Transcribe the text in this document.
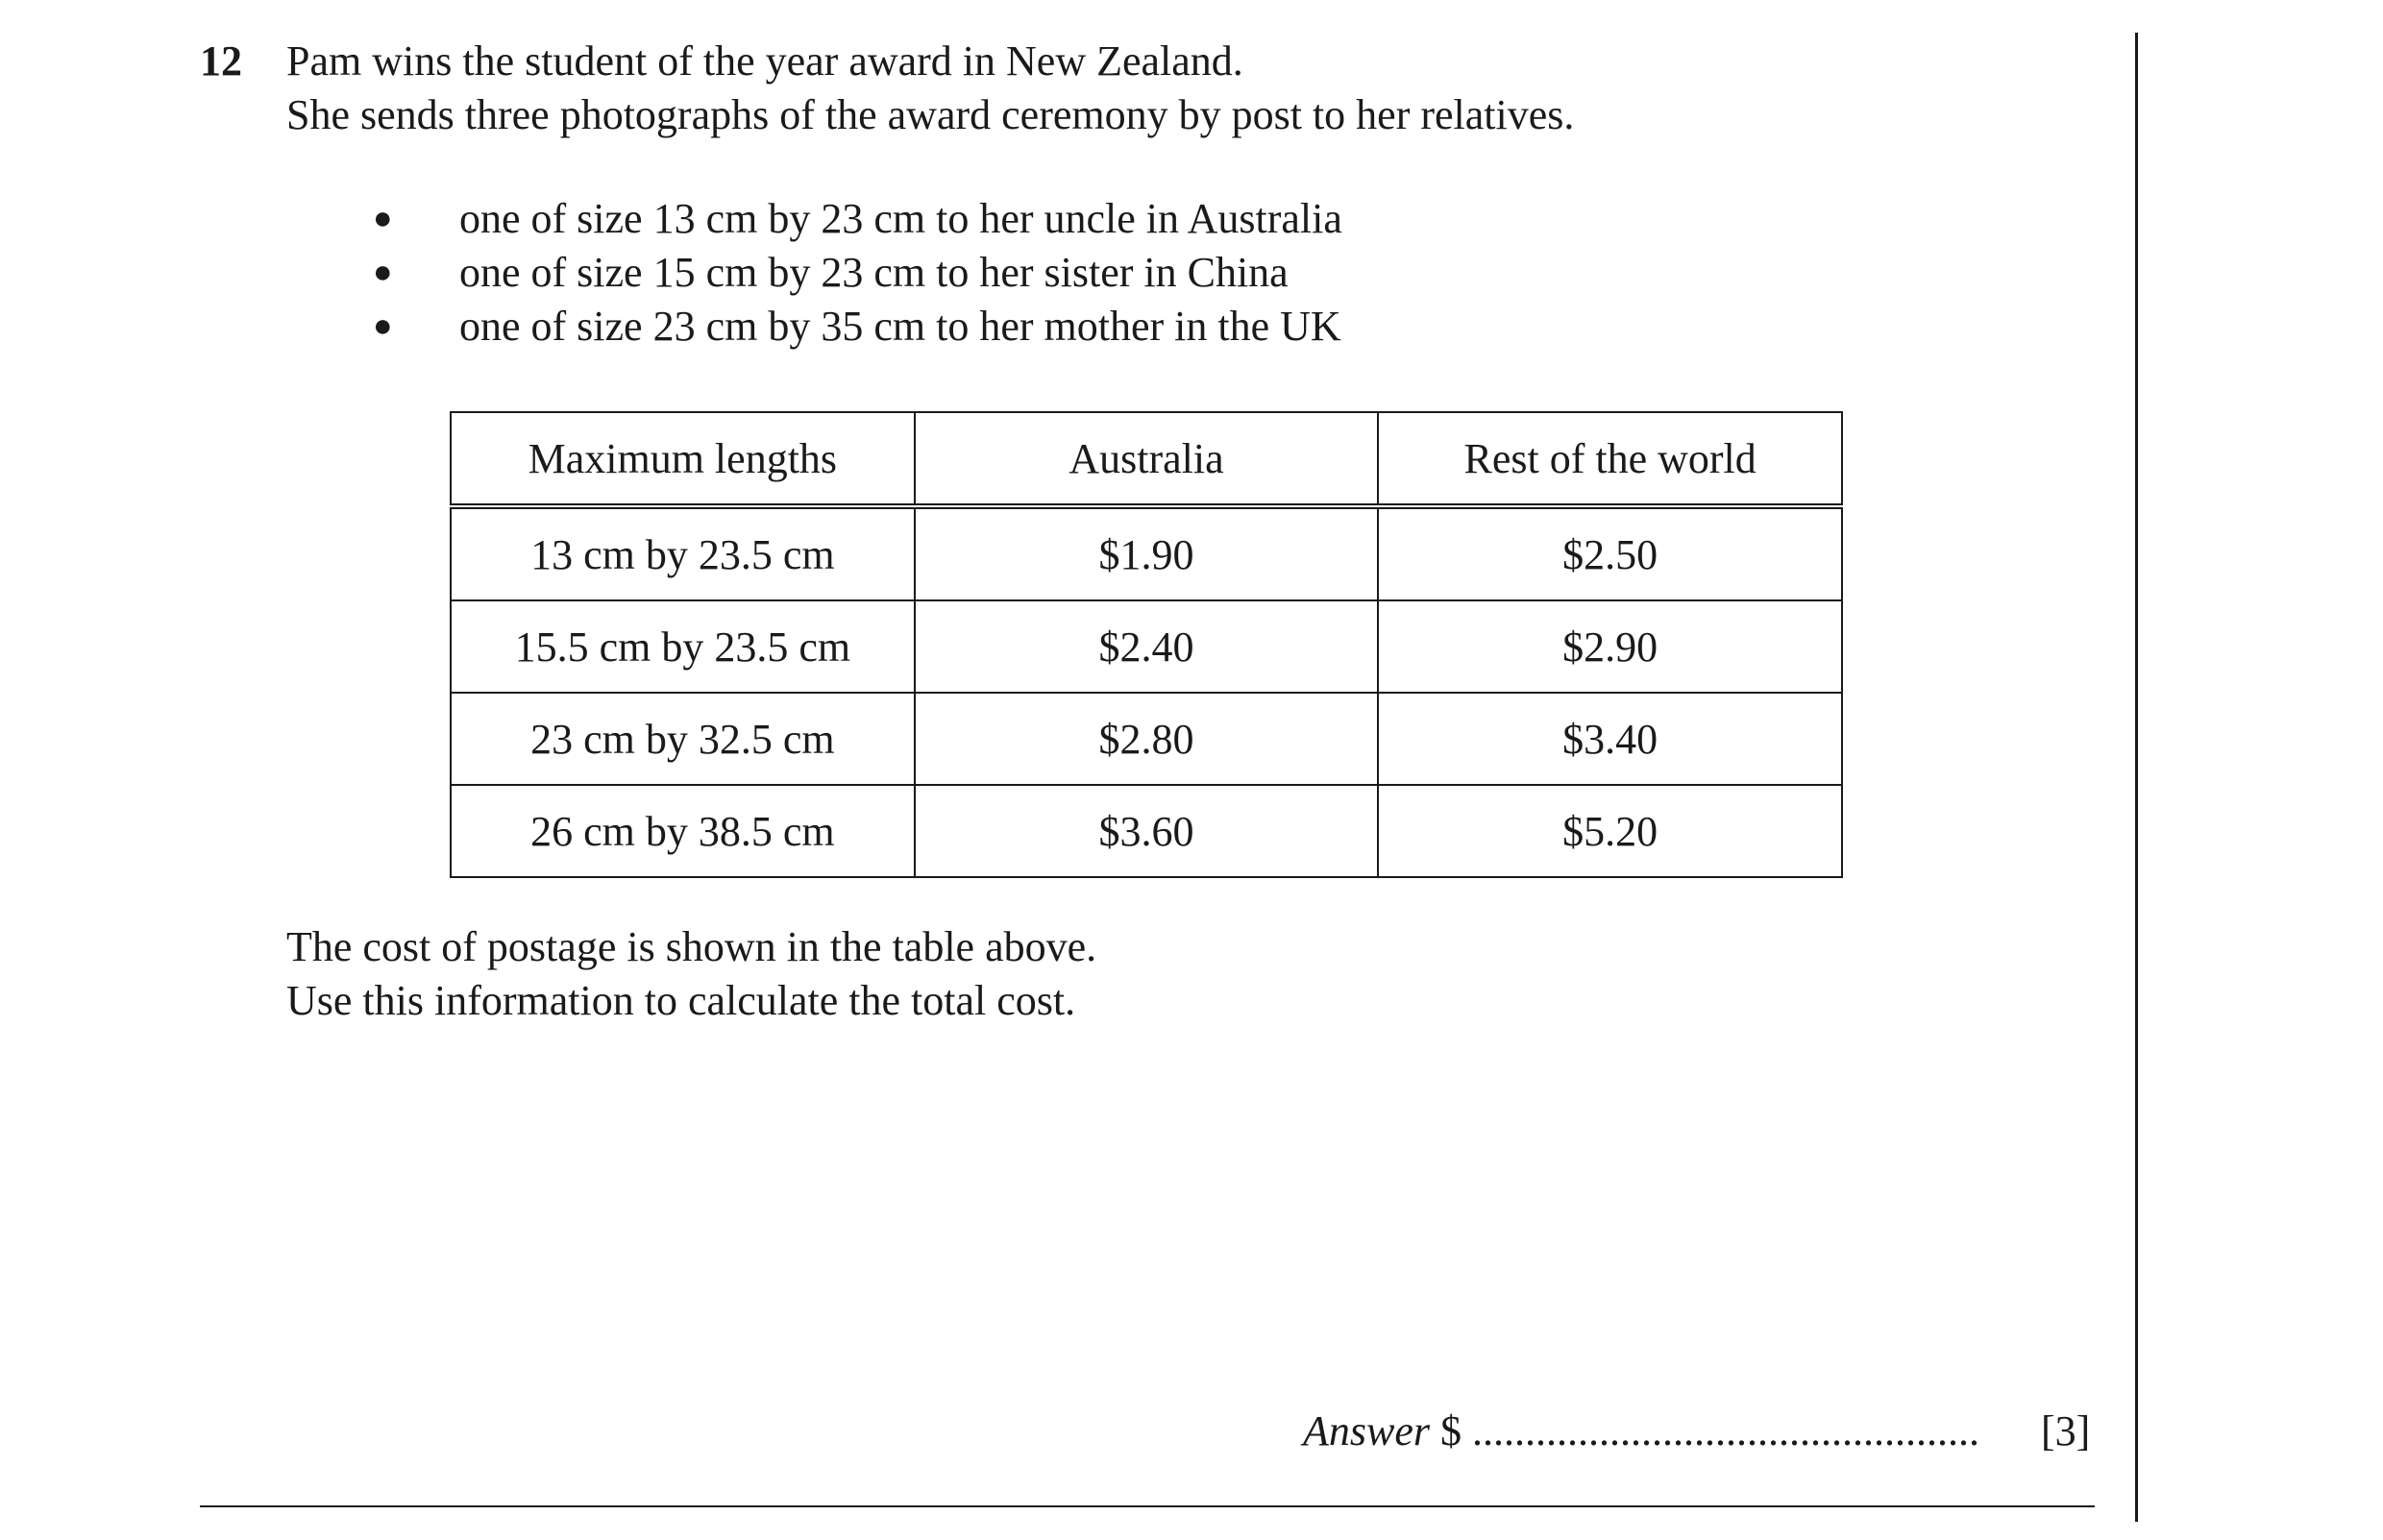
12 Pam wins the student of the year award in New Zealand.
She sends three photographs of the award ceremony by post to her relatives.
● one of size 13 cm by 23 cm to her uncle in Australia
● one of size 15 cm by 23 cm to her sister in China
● one of size 23 cm by 35 cm to her mother in the UK
Maximum lengths	Australia	Rest of the world
13 cm by 23.5 cm	$1.90	$2.50
15.5 cm by 23.5 cm	$2.40	$2.90
23 cm by 32.5 cm	$2.80	$3.40
26 cm by 38.5 cm	$3.60	$5.20
The cost of postage is shown in the table above.
Use this information to calculate the total cost.
Answer $ ................................................ [3]
